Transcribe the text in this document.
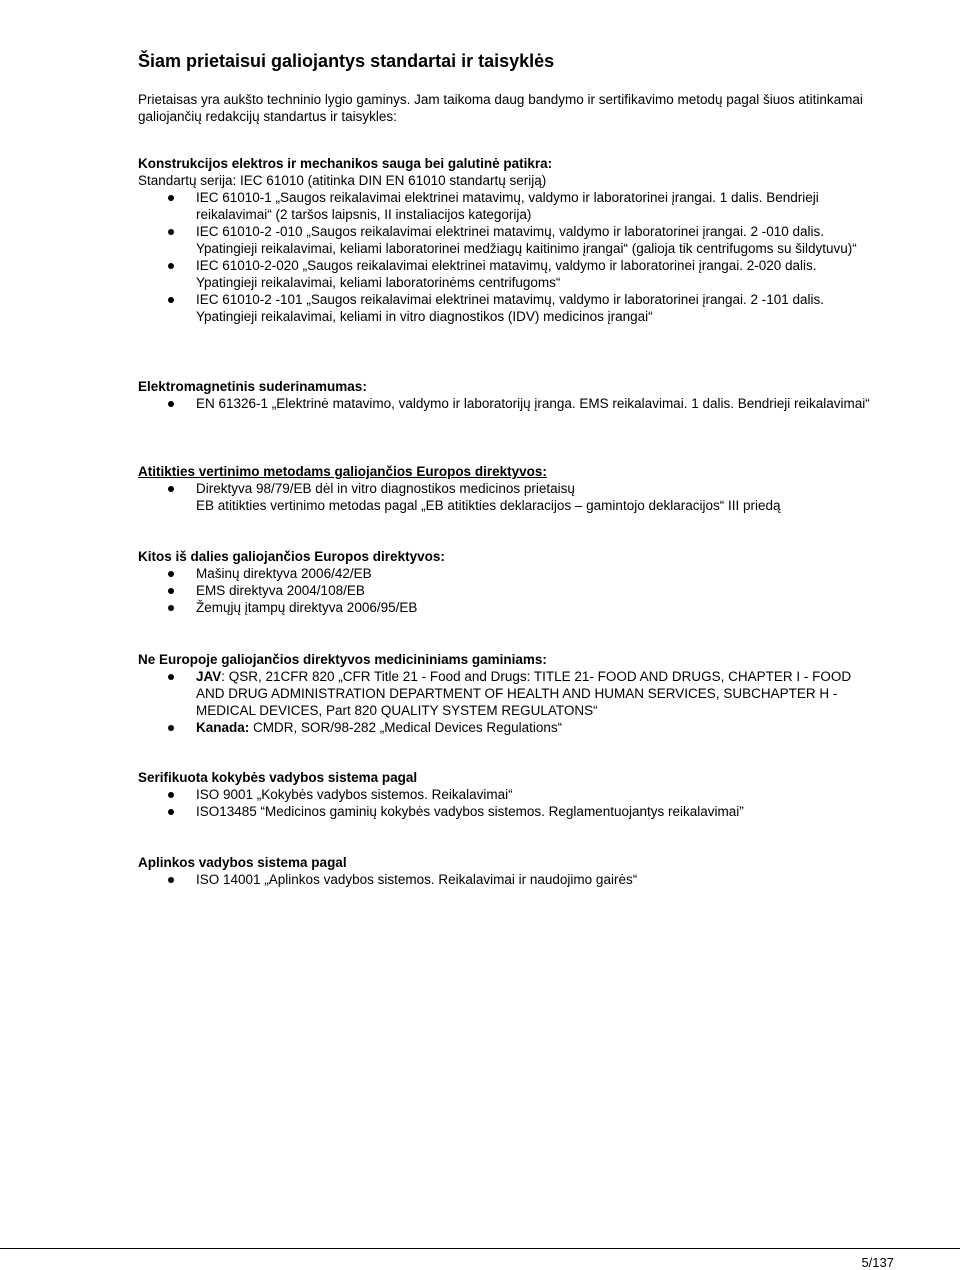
Šiam prietaisui galiojantys standartai ir taisyklės

Prietaisas yra aukšto techninio lygio gaminys. Jam taikoma daug bandymo ir sertifikavimo metodų pagal šiuos atitinkamai galiojančių redakcijų standartus ir taisykles:

Konstrukcijos elektros ir mechanikos sauga bei galutinė patikra:

Standartų serija: IEC 61010 (atitinka DIN EN 61010 standartų seriją)

IEC 61010-1 „Saugos reikalavimai elektrinei matavimų, valdymo ir laboratorinei įrangai. 1 dalis. Bendrieji reikalavimai“ (2 taršos laipsnis, II instaliacijos kategorija)
IEC 61010-2 -010 „Saugos reikalavimai elektrinei matavimų, valdymo ir laboratorinei įrangai. 2 -010 dalis. Ypatingieji reikalavimai, keliami laboratorinei medžiagų kaitinimo įrangai“ (galioja tik centrifugoms su šildytuvu)“
IEC 61010-2-020 „Saugos reikalavimai elektrinei matavimų, valdymo ir laboratorinei įrangai. 2-020 dalis. Ypatingieji reikalavimai, keliami laboratorinėms centrifugoms“
IEC 61010-2 -101 „Saugos reikalavimai elektrinei matavimų, valdymo ir laboratorinei įrangai. 2 -101 dalis. Ypatingieji reikalavimai, keliami in vitro diagnostikos (IDV) medicinos įrangai“

Elektromagnetinis suderinamumas:

EN 61326-1 „Elektrinė matavimo, valdymo ir laboratorijų įranga. EMS reikalavimai. 1 dalis. Bendrieji reikalavimai“

Atitikties vertinimo metodams galiojančios Europos direktyvos:

Direktyva 98/79/EB dėl in vitro diagnostikos medicinos prietaisų

EB atitikties vertinimo metodas pagal „EB atitikties deklaracijos – gamintojo deklaracijos“ III priedą

Kitos iš dalies galiojančios Europos direktyvos:

Mašinų direktyva 2006/42/EB
EMS direktyva 2004/108/EB
Žemųjų įtampų direktyva 2006/95/EB

Ne Europoje galiojančios direktyvos medicininiams gaminiams:

JAV: QSR, 21CFR 820 „CFR Title 21 - Food and Drugs: TITLE 21- FOOD AND DRUGS, CHAPTER I - FOOD AND DRUG ADMINISTRATION DEPARTMENT OF HEALTH AND HUMAN SERVICES, SUBCHAPTER H - MEDICAL DEVICES, Part 820 QUALITY SYSTEM REGULATONS“
Kanada: CMDR, SOR/98-282 „Medical Devices Regulations“

Serifikuota kokybės vadybos sistema pagal

ISO 9001 „Kokybės vadybos sistemos. Reikalavimai“
ISO13485 “Medicinos gaminių kokybės vadybos sistemos. Reglamentuojantys reikalavimai”

Aplinkos vadybos sistema pagal

ISO 14001 „Aplinkos vadybos sistemos. Reikalavimai ir naudojimo gairės“
5/137
